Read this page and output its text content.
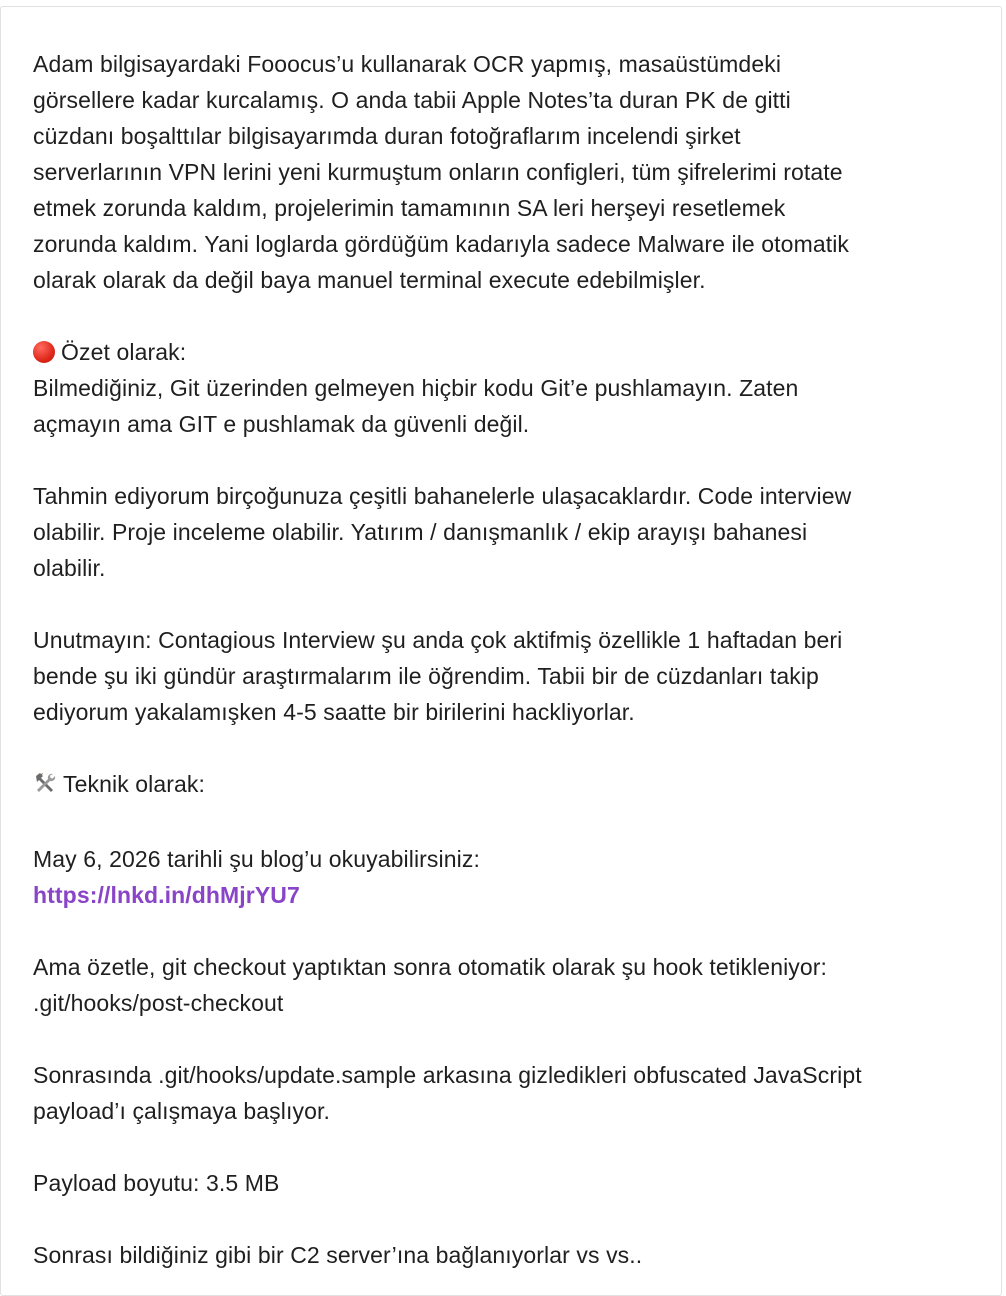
Adam bilgisayardaki Fooocus’u kullanarak OCR yapmış, masaüstümdeki
görsellere kadar kurcalamış. O anda tabii Apple Notes’ta duran PK de gitti
cüzdanı boşalttılar bilgisayarımda duran fotoğraflarım incelendi şirket
serverlarının VPN lerini yeni kurmuştum onların configleri, tüm şifrelerimi rotate
etmek zorunda kaldım, projelerimin tamamının SA leri herşeyi resetlemek
zorunda kaldım. Yani loglarda gördüğüm kadarıyla sadece Malware ile otomatik
olarak olarak da değil baya manuel terminal execute edebilmişler.

Özet olarak:

Bilmediğiniz, Git üzerinden gelmeyen hiçbir kodu Git’e pushlamayın. Zaten
açmayın ama GIT e pushlamak da güvenli değil.

Tahmin ediyorum birçoğunuza çeşitli bahanelerle ulaşacaklardır. Code interview
olabilir. Proje inceleme olabilir. Yatırım / danışmanlık / ekip arayışı bahanesi
olabilir.

Unutmayın: Contagious Interview şu anda çok aktifmiş özellikle 1 haftadan beri
bende şu iki gündür araştırmalarım ile öğrendim. Tabii bir de cüzdanları takip
ediyorum yakalamışken 4-5 saatte bir birilerini hackliyorlar.

Teknik olarak:

May 6, 2026 tarihli şu blog’u okuyabilirsiniz:

https://lnkd.in/dhMjrYU7

Ama özetle, git checkout yaptıktan sonra otomatik olarak şu hook tetikleniyor:
.git/hooks/post-checkout

Sonrasında .git/hooks/update.sample arkasına gizledikleri obfuscated JavaScript
payload’ı çalışmaya başlıyor.

Payload boyutu: 3.5 MB

Sonrası bildiğiniz gibi bir C2 server’ına bağlanıyorlar vs vs..
